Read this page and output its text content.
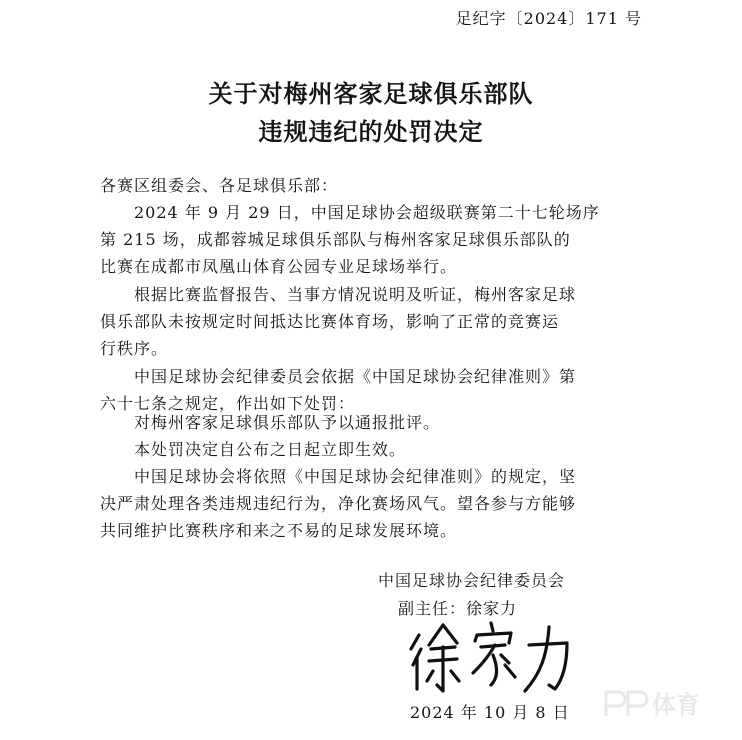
足纪字〔2024〕171 号
关于对梅州客家足球俱乐部队
违规违纪的处罚决定

各赛区组委会、各足球俱乐部：

　　2024 年 9 月 29 日，中国足球协会超级联赛第二十七轮场序
第 215 场，成都蓉城足球俱乐部队与梅州客家足球俱乐部队的
比赛在成都市凤凰山体育公园专业足球场举行。

　　根据比赛监督报告、当事方情况说明及听证，梅州客家足球
俱乐部队未按规定时间抵达比赛体育场，影响了正常的竞赛运
行秩序。

　　中国足球协会纪律委员会依据《中国足球协会纪律准则》第
六十七条之规定，作出如下处罚：

　　对梅州客家足球俱乐部队予以通报批评。

　　本处罚决定自公布之日起立即生效。

　　中国足球协会将依照《中国足球协会纪律准则》的规定，坚
决严肃处理各类违规违纪行为，净化赛场风气。望各参与方能够
共同维护比赛秩序和来之不易的足球发展环境。

中国足球协会纪律委员会
副主任：徐家力
2024 年 10 月 8 日	体育
